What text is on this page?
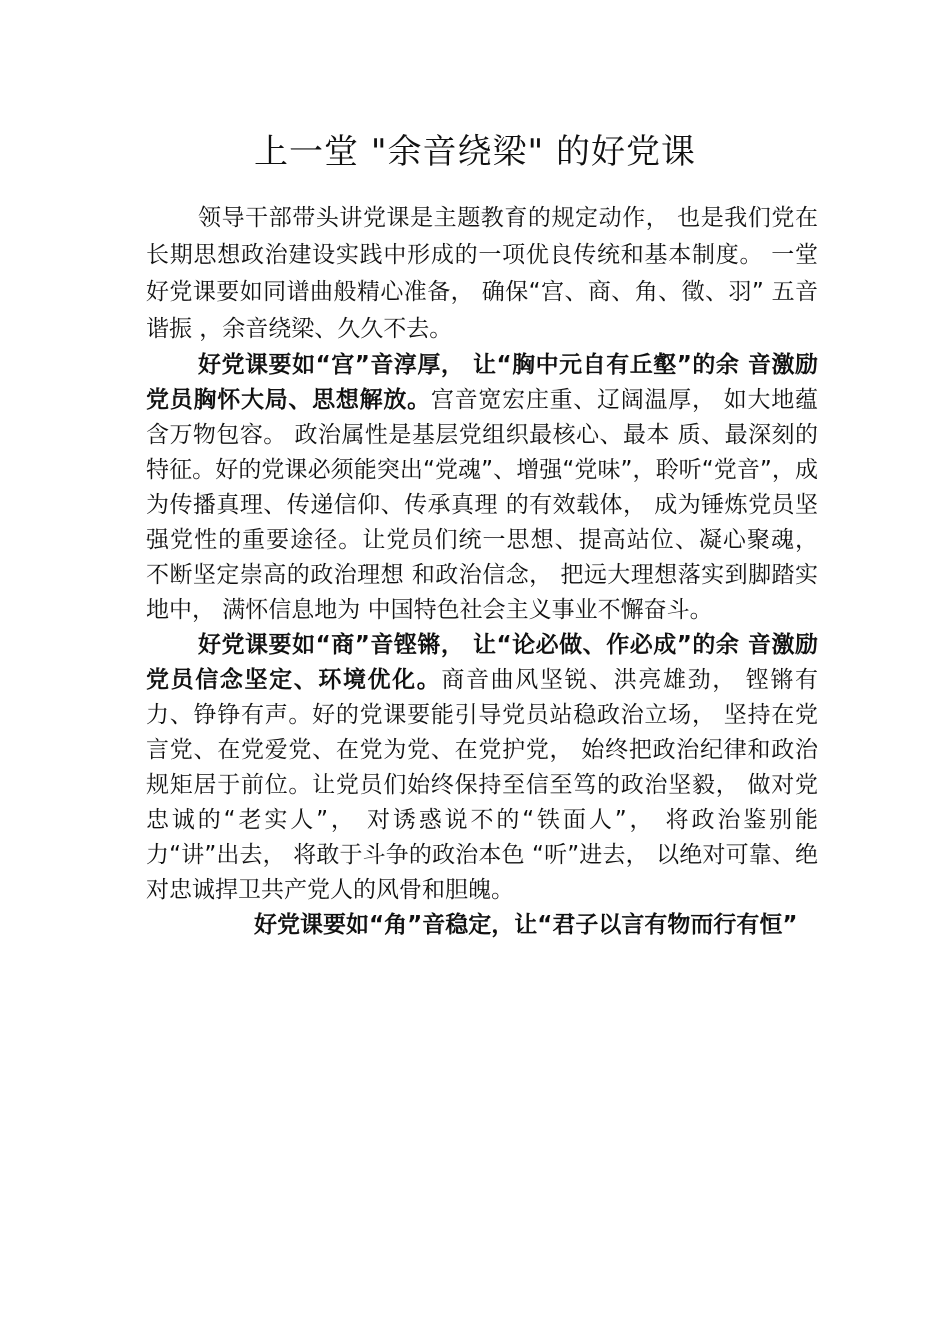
上一堂 "余音绕梁" 的好党课

领导干部带头讲党课是主题教育的规定动作， 也是我们党在长期思想政治建设实践中形成的一项优良传统和基本制度。 一堂好党课要如同谱曲般精心准备， 确保“宫、商、角、徵、羽” 五音谐振 ，余音绕梁、久久不去。

好党课要如“宫”音淳厚， 让“胸中元自有丘壑”的余 音激励党员胸怀大局、思想解放。宫音宽宏庄重、辽阔温厚， 如大地蕴含万物包容。 政治属性是基层党组织最核心、最本 质、最深刻的特征。好的党课必须能突出“党魂”、增强“党味”，聆听“党音”，成为传播真理、传递信仰、传承真理 的有效载体， 成为锤炼党员坚强党性的重要途径。让党员们统一思想、提高站位、凝心聚魂， 不断坚定崇高的政治理想 和政治信念， 把远大理想落实到脚踏实地中， 满怀信息地为 中国特色社会主义事业不懈奋斗。

好党课要如“商”音铿锵， 让“论必做、作必成”的余 音激励党员信念坚定、环境优化。商音曲风坚锐、洪亮雄劲， 铿锵有力、铮铮有声。好的党课要能引导党员站稳政治立场， 坚持在党言党、在党爱党、在党为党、在党护党， 始终把政治纪律和政治规矩居于前位。让党员们始终保持至信至笃的政治坚毅， 做对党忠诚的“老实人”， 对诱惑说不的“铁面人”， 将政治鉴别能力“讲”出去， 将敢于斗争的政治本色 “听”进去， 以绝对可靠、绝对忠诚捍卫共产党人的风骨和胆魄。

好党课要如“角”音稳定，让“君子以言有物而行有恒”
